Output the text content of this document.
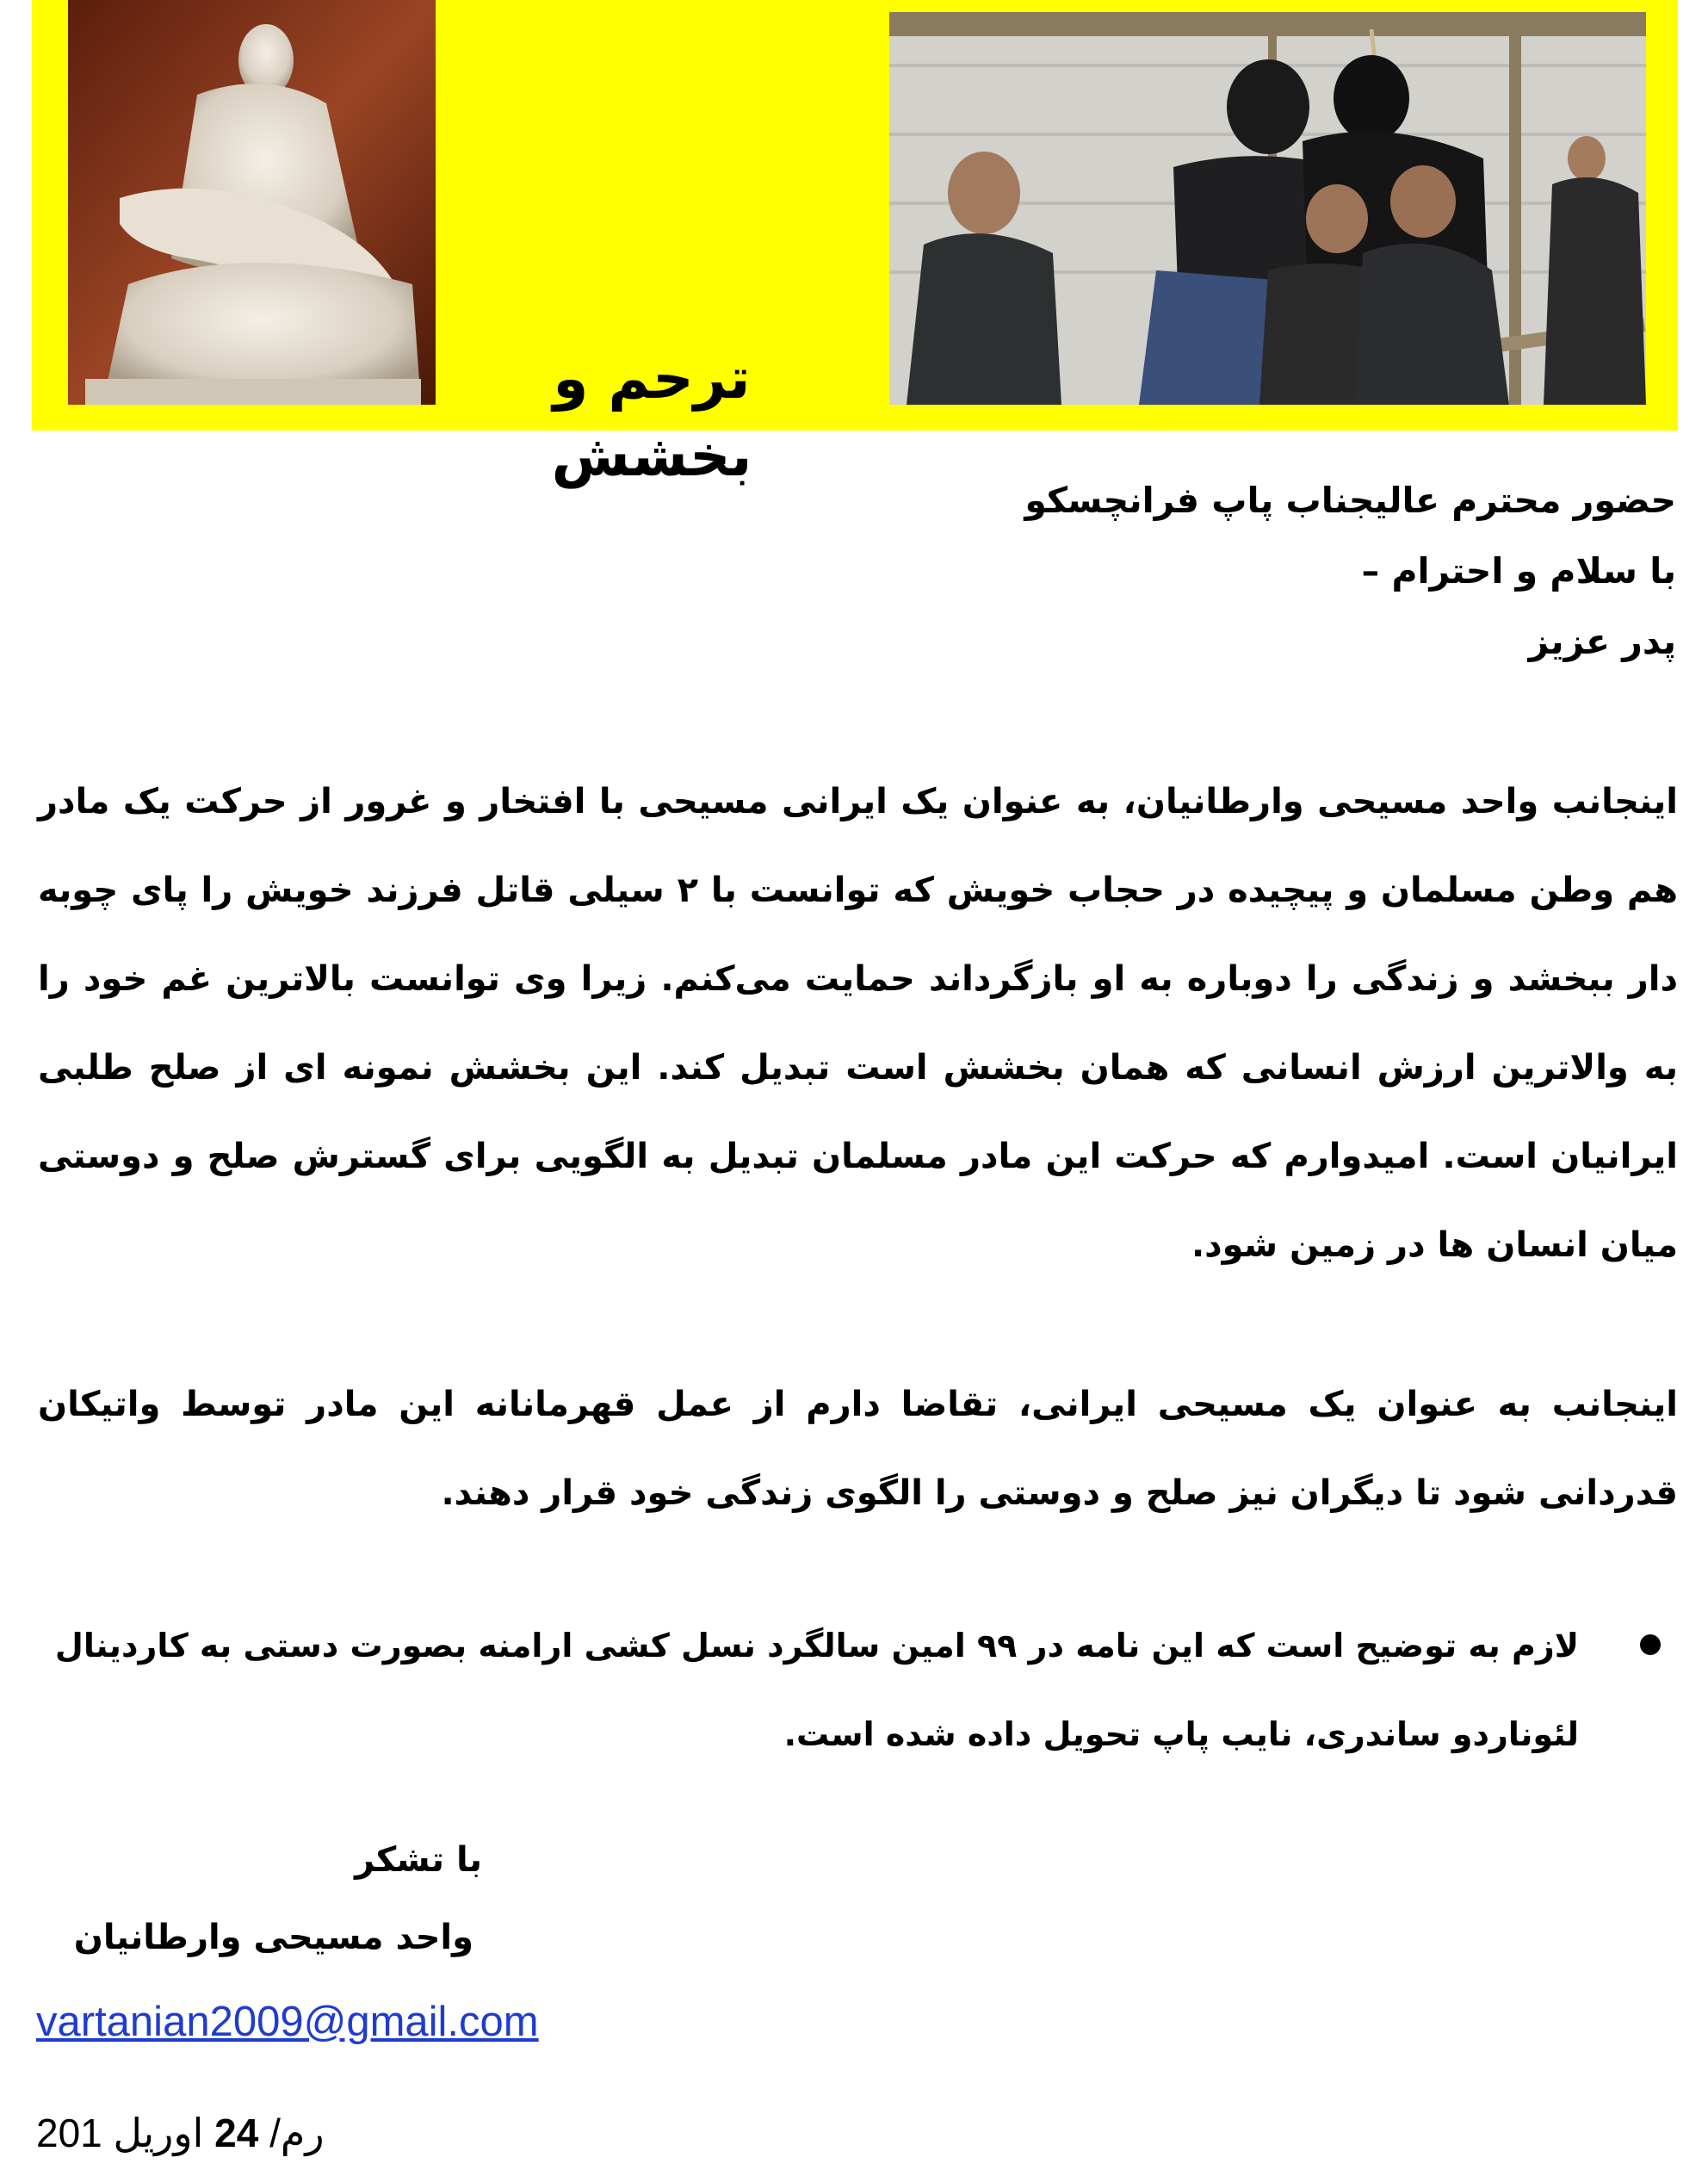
ترحم و بخشش
حضور محترم عالیجناب پاپ فرانچسکو
با سلام و احترام –
پدر عزیز
اینجانب واحد مسیحی وارطانیان، به عنوان یک ایرانی مسیحی با افتخار و غرور از حرکت یک مادر هم وطن مسلمان و پیچیده در حجاب خویش که توانست با ۲ سیلی قاتل فرزند خویش را پای چوبه دار ببخشد و زندگی را دوباره به او بازگرداند حمایت می‌کنم. زیرا وی توانست بالاترین غم خود را به والاترین ارزش انسانی که همان بخشش است تبدیل کند. این بخشش نمونه ای از صلح طلبی ایرانیان است. امیدوارم که حرکت این مادر مسلمان تبدیل به الگویی برای گسترش صلح و دوستی میان انسان ها در زمین شود.
اینجانب به عنوان یک مسیحی ایرانی، تقاضا دارم از عمل قهرمانانه این مادر توسط واتیکان قدردانی شود تا دیگران نیز صلح و دوستی را الگوی زندگی خود قرار دهند.
لازم به توضیح است که این نامه در ۹۹ امین سالگرد نسل کشی ارامنه بصورت دستی به کاردینال لئوناردو ساندری، نایب پاپ تحویل داده شده است.
با تشکر
واحد مسیحی وارطانیان
vartanian2009@gmail.com
رم/ 24 اوریل 201
